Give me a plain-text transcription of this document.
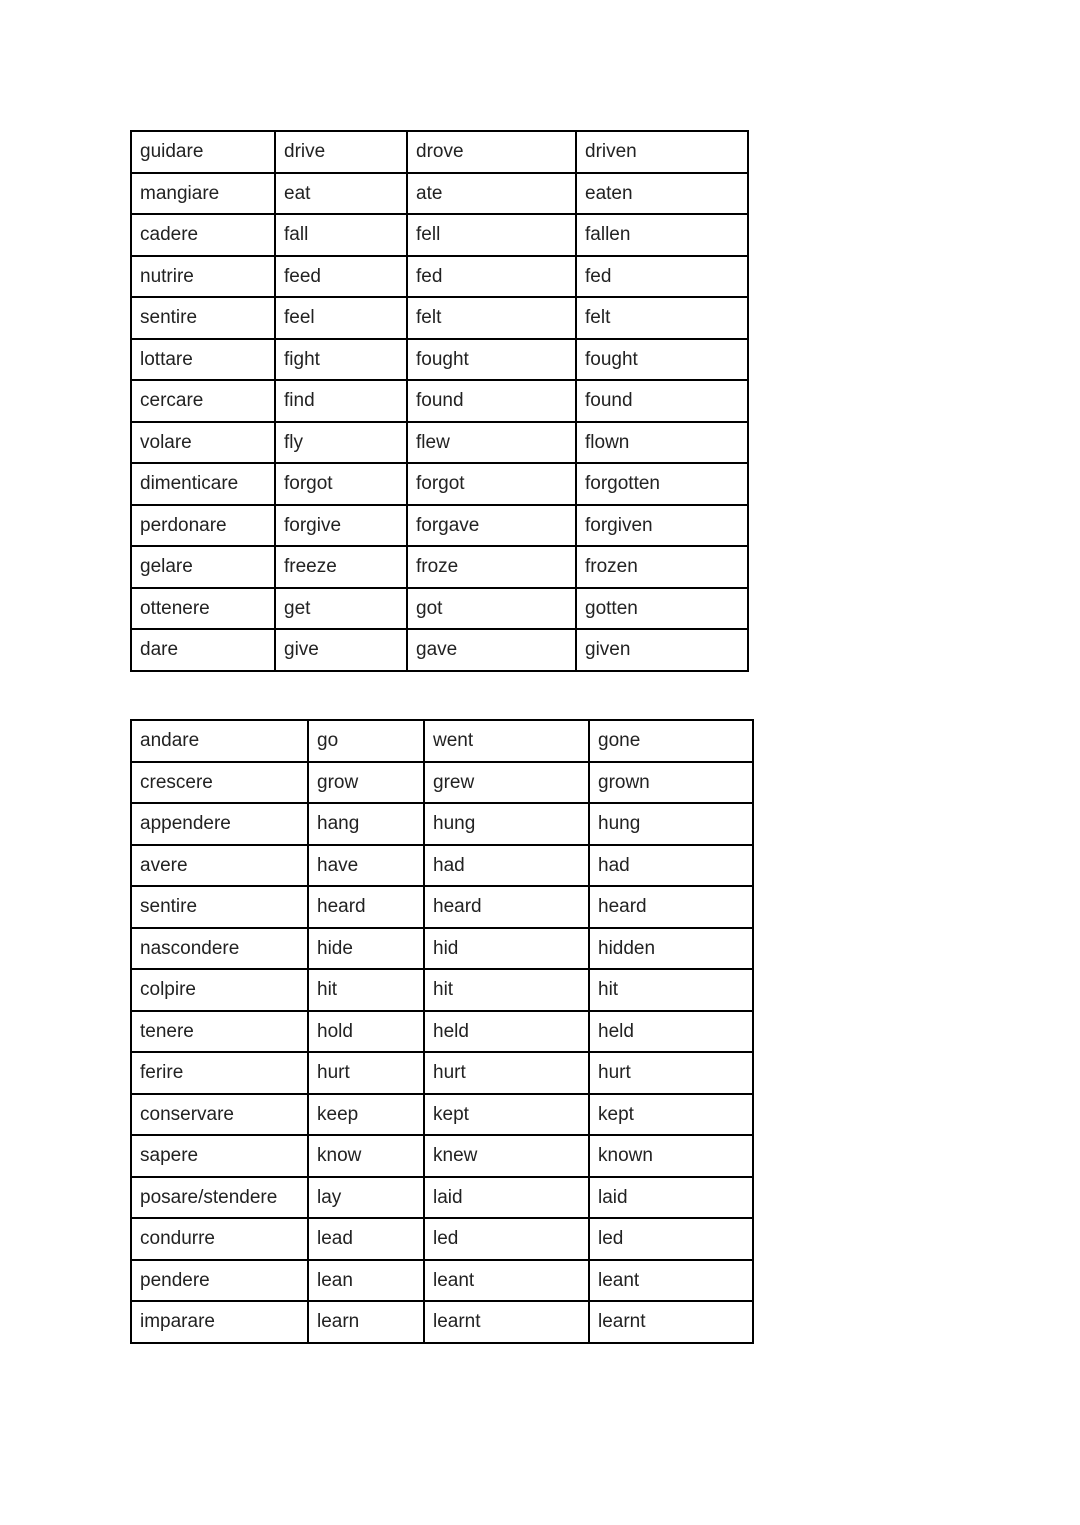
guidare	drive	drove	driven
mangiare	eat	ate	eaten
cadere	fall	fell	fallen
nutrire	feed	fed	fed
sentire	feel	felt	felt
lottare	fight	fought	fought
cercare	find	found	found
volare	fly	flew	flown
dimenticare	forgot	forgot	forgotten
perdonare	forgive	forgave	forgiven
gelare	freeze	froze	frozen
ottenere	get	got	gotten
dare	give	gave	given
andare	go	went	gone
crescere	grow	grew	grown
appendere	hang	hung	hung
avere	have	had	had
sentire	heard	heard	heard
nascondere	hide	hid	hidden
colpire	hit	hit	hit
tenere	hold	held	held
ferire	hurt	hurt	hurt
conservare	keep	kept	kept
sapere	know	knew	known
posare/stendere	lay	laid	laid
condurre	lead	led	led
pendere	lean	leant	leant
imparare	learn	learnt	learnt
